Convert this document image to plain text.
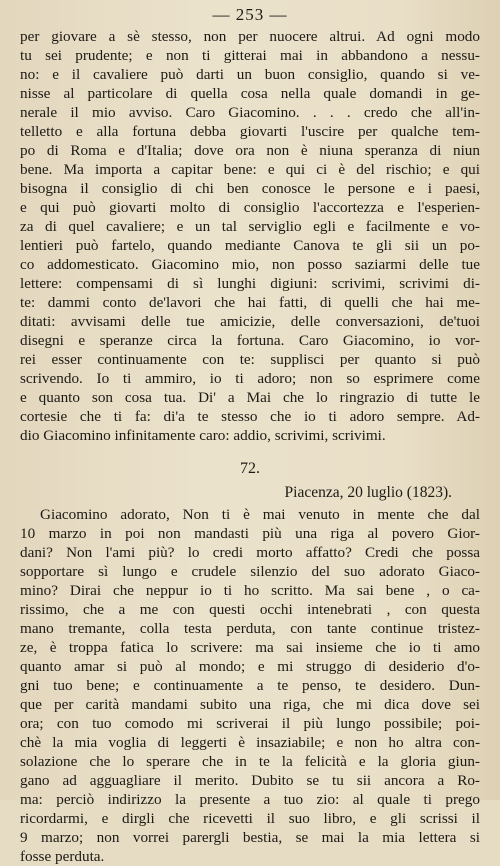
— 253 —
per giovare a sè stesso, non per nuocere altrui. Ad ogni modo
tu sei prudente; e non ti gitterai mai in abbandono a nessu-
no: e il cavaliere può darti un buon consiglio, quando si ve-
nisse al particolare di quella cosa nella quale domandi in ge-
nerale il mio avviso. Caro Giacomino. . . . credo che all'in-
telletto e alla fortuna debba giovarti l'uscire per qualche tem-
po di Roma e d'Italia; dove ora non è niuna speranza di niun
bene. Ma importa a capitar bene: e qui ci è del rischio; e qui
bisogna il consiglio di chi ben conosce le persone e i paesi,
e qui può giovarti molto di consiglio l'accortezza e l'esperien-
za di quel cavaliere; e un tal serviglio egli e facilmente e vo-
lentieri può fartelo, quando mediante Canova te gli sii un po-
co addomesticato. Giacomino mio, non posso saziarmi delle tue
lettere: compensami di sì lunghi digiuni: scrivimi, scrivimi di-
te: dammi conto de'lavori che hai fatti, di quelli che hai me-
ditati: avvisami delle tue amicizie, delle conversazioni, de'tuoi
disegni e speranze circa la fortuna. Caro Giacomino, io vor-
rei esser continuamente con te: supplisci per quanto si può
scrivendo. Io ti ammiro, io ti adoro; non so esprimere come
e quanto son cosa tua. Di' a Mai che lo ringrazio di tutte le
cortesie che ti fa: di'a te stesso che io ti adoro sempre. Ad-
dio Giacomino infinitamente caro: addio, scrivimi, scrivimi.
72.
Piacenza, 20 luglio (1823).
Giacomino adorato, Non ti è mai venuto in mente che dal
10 marzo in poi non mandasti più una riga al povero Gior-
dani? Non l'ami più? lo credi morto affatto? Credi che possa
sopportare sì lungo e crudele silenzio del suo adorato Giaco-
mino? Dirai che neppur io ti ho scritto. Ma sai bene , o ca-
rissimo, che a me con questi occhi intenebrati , con questa
mano tremante, colla testa perduta, con tante continue tristez-
ze, è troppa fatica lo scrivere: ma sai insieme che io ti amo
quanto amar si può al mondo; e mi struggo di desiderio d'o-
gni tuo bene; e continuamente a te penso, te desidero. Dun-
que per carità mandami subito una riga, che mi dica dove sei
ora; con tuo comodo mi scriverai il più lungo possibile; poi-
chè la mia voglia di leggerti è insaziabile; e non ho altra con-
solazione che lo sperare che in te la felicità e la gloria giun-
gano ad agguagliare il merito. Dubito se tu sii ancora a Ro-
ma: perciò indirizzo la presente a tuo zio: al quale ti prego
ricordarmi, e dirgli che ricevetti il suo libro, e gli scrissi il
9 marzo; non vorrei parergli bestia, se mai la mia lettera si
fosse perduta.
